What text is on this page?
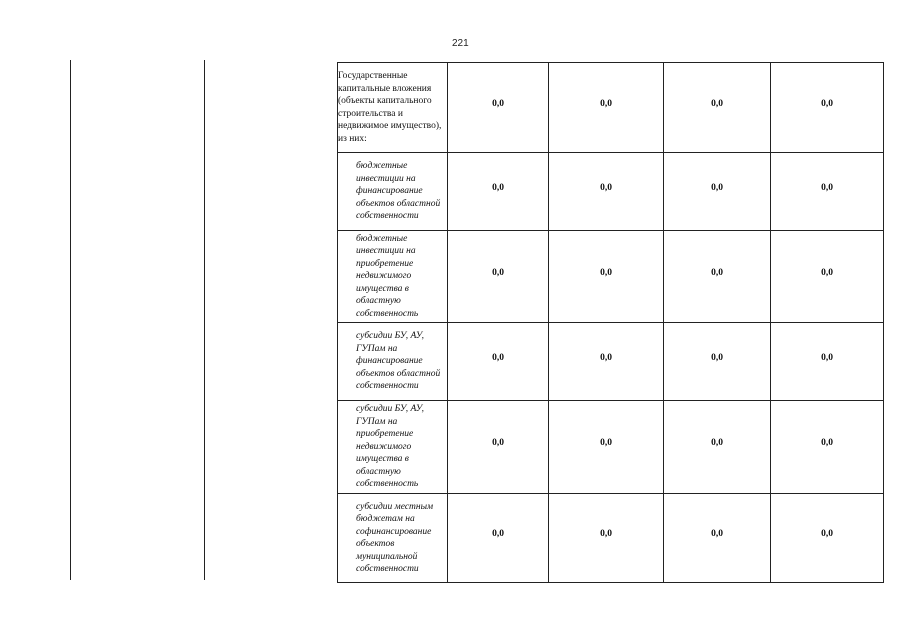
221
Государственные капитальные вложения (объекты капитального строительства и недвижимое имущество), из них:	0,0	0,0	0,0	0,0
бюджетные инвестиции на финансирование объектов областной собственности	0,0	0,0	0,0	0,0
бюджетные инвестиции на приобретение недвижимого имущества в областную собственность	0,0	0,0	0,0	0,0
субсидии БУ, АУ, ГУПам на финансирование объектов областной собственности	0,0	0,0	0,0	0,0
субсидии БУ, АУ, ГУПам на приобретение недвижимого имущества в областную собственность	0,0	0,0	0,0	0,0
субсидии местным бюджетам на софинансирование объектов муниципальной собственности	0,0	0,0	0,0	0,0
